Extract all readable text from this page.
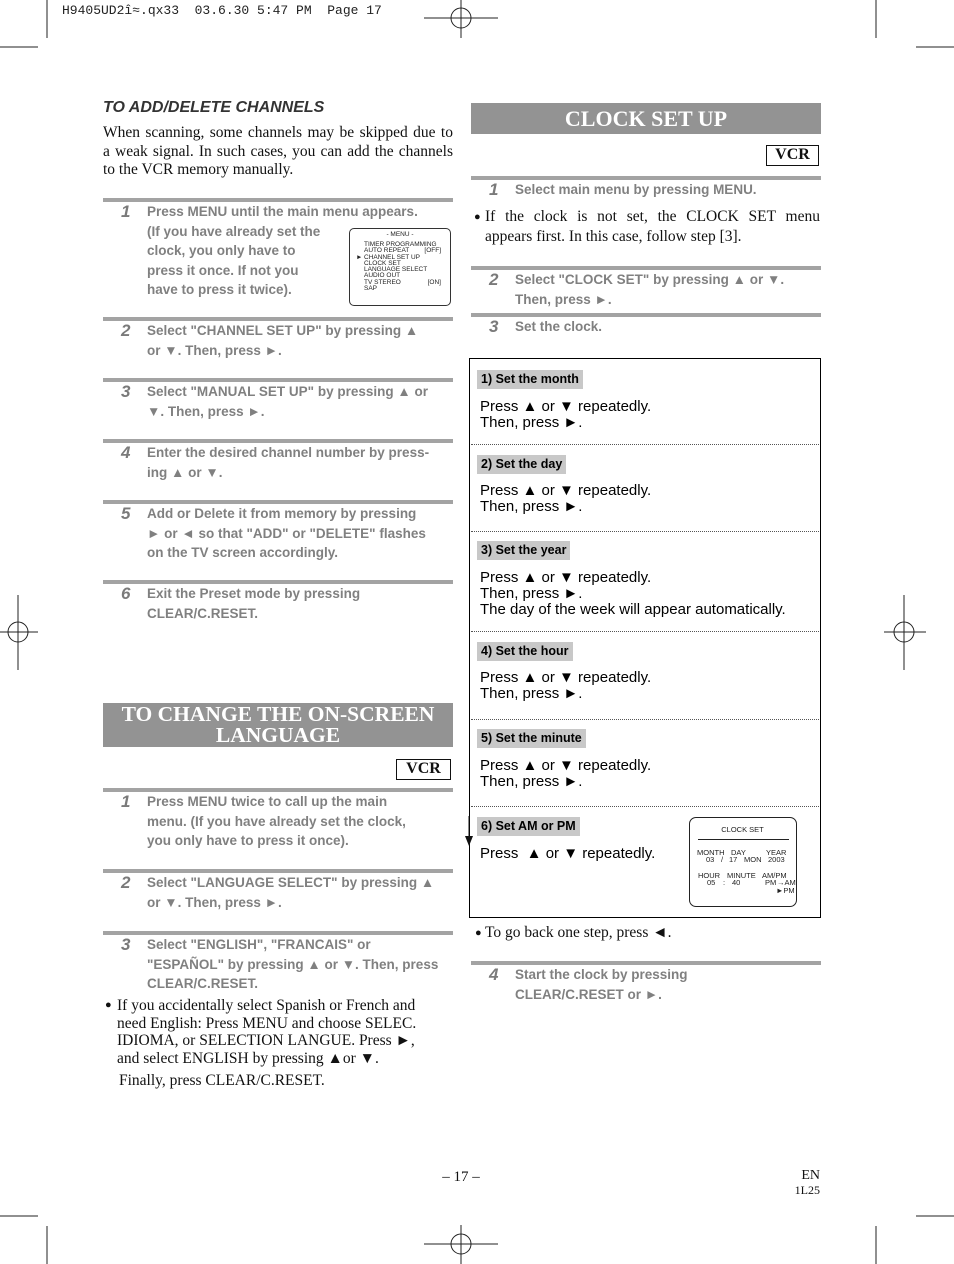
H9405UD2î≈.qx33  03.6.30 5:47 PM  Page 17
TO ADD/DELETE CHANNELS
When scanning, some channels may be skipped due to
a weak signal. In such cases, you can add the channels
to the VCR memory manually.
1 Press MENU until the main menu appears.
(If you have already set the
clock, you only have to
press it once. If not you
have to press it twice).
- MENU -
TIMER PROGRAMMING
AUTO REPEAT [OFF]
► CHANNEL SET UP
CLOCK SET
LANGUAGE SELECT
AUDIO OUT
TV STEREO	[ON]
SAP
2 Select "CHANNEL SET UP" by pressing ▲
or ▼. Then, press ►.
3 Select "MANUAL SET UP" by pressing ▲ or
▼. Then, press ►.
4 Enter the desired channel number by press-
ing ▲ or ▼.
5 Add or Delete it from memory by pressing
► or ◄ so that "ADD" or "DELETE" flashes
on the TV screen accordingly.
6 Exit the Preset mode by pressing
CLEAR/C.RESET.
TO CHANGE THE ON-SCREEN
LANGUAGE
VCR
1 Press MENU twice to call up the main
menu. (If you have already set the clock,
you only have to press it once).
2 Select "LANGUAGE SELECT" by pressing ▲
or ▼. Then, press ►.
3 Select "ENGLISH", "FRANCAIS" or
"ESPAÑOL" by pressing ▲ or ▼. Then, press
CLEAR/C.RESET.
● If you accidentally select Spanish or French and
need English: Press MENU and choose SELEC.
IDIOMA, or SELECTION LANGUE. Press ►,
and select ENGLISH by pressing ▲or ▼.
Finally, press CLEAR/C.RESET.
CLOCK SET UP
VCR
1 Select main menu by pressing MENU.
● If the clock is not set, the CLOCK SET menu
appears first. In this case, follow step [3].
2 Select "CLOCK SET" by pressing ▲ or ▼.
Then, press ►.
3 Set the clock.
1) Set the month
Press ▲ or ▼ repeatedly.
Then, press ►.
2) Set the day
Press ▲ or ▼ repeatedly.
Then, press ►.
3) Set the year
Press ▲ or ▼ repeatedly.
Then, press ►.
The day of the week will appear automatically.
4) Set the hour
Press ▲ or ▼ repeatedly.
Then, press ►.
5) Set the minute
Press ▲ or ▼ repeatedly.
Then, press ►.
6) Set AM or PM
Press  ▲ or ▼ repeatedly.
CLOCK SET
MONTH DAY	YEAR
03 / 17 MON 2003
HOUR MINUTE AM/PM
05 : 40	PM →AM
►PM
● To go back one step, press ◄.
4 Start the clock by pressing
CLEAR/C.RESET or ►.
– 17 –	EN
1L25
